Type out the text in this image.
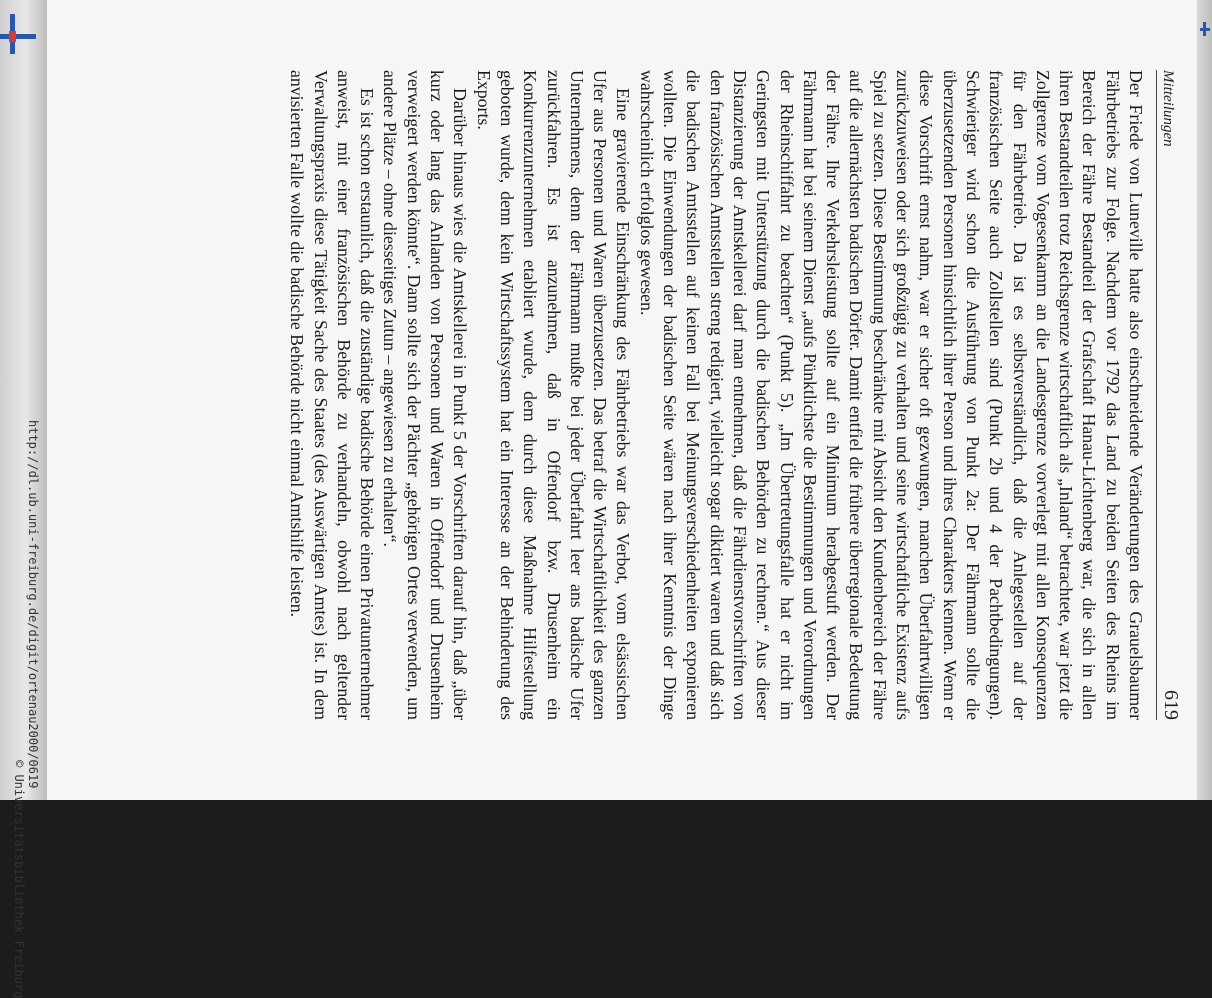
http://dl.ub.uni-freiburg.de/digit/ortenau2000/0619
© Universitätsbibliothek Freiburg
Mitteilungen
619

Der Friede von Luneville hatte also einschneidende Veränderungen des Grauelsbaumer Fährbetriebs zur Folge. Nachdem vor 1792 das Land zu beiden Seiten des Rheins im Bereich der Fähre Bestandteil der Grafschaft Hanau-Lichtenberg war, die sich in allen ihren Bestandteilen trotz Reichsgrenze wirtschaftlich als „Inland“ betrachtete, war jetzt die Zollgrenze vom Vogesenkamm an die Landesgrenze vorverlegt mit allen Konsequenzen für den Fährbetrieb. Da ist es selbstverständlich, daß die Anlegestellen auf der französischen Seite auch Zollstellen sind (Punkt 2b und 4 der Pachtbedingungen). Schwieriger wird schon die Ausführung von Punkt 2a: Der Fährmann sollte die überzusetzenden Personen hinsichtlich ihrer Person und ihres Charakters kennen. Wenn er diese Vorschrift ernst nahm, war er sicher oft gezwungen, manchen Überfahrtwilligen zurückzuweisen oder sich großzügig zu verhalten und seine wirtschaftliche Existenz aufs Spiel zu setzen. Diese Bestimmung beschränkte mit Absicht den Kundenbereich der Fähre auf die allernächsten badischen Dörfer. Damit entfiel die frühere überregionale Bedeutung der Fähre. Ihre Verkehrsleistung sollte auf ein Minimum herabgestuft werden. Der Fährmann hat bei seinem Dienst „aufs Pünktlichste die Bestimmungen und Verordnungen der Rheinschiffahrt zu beachten“ (Punkt 5). „Im Übertretungsfalle hat er nicht im Geringsten mit Unterstützung durch die badischen Behörden zu rechnen.“ Aus dieser Distanzierung der Amtskellerei darf man entnehmen, daß die Fährdienstvorschriften von den französischen Amtsstellen streng redigiert, vielleicht sogar diktiert waren und daß sich die badischen Amtsstellen auf keinen Fall bei Meinungsverschiedenheiten exponieren wollten. Die Einwendungen der badischen Seite wären nach ihrer Kenntnis der Dinge wahrscheinlich erfolglos gewesen.

Eine gravierende Einschränkung des Fährbetriebs war das Verbot, vom elsässischen Ufer aus Personen und Waren überzusetzen. Das betraf die Wirtschaftlichkeit des ganzen Unternehmens, denn der Fährmann mußte bei jeder Überfahrt leer ans badische Ufer zurückfahren. Es ist anzunehmen, daß in Offendorf bzw. Drusenheim ein Konkurrenzunternehmen etabliert wurde, dem durch diese Maßnahme Hilfestellung geboten wurde, denn kein Wirtschaftssystem hat ein Interesse an der Behinderung des Exports.

Darüber hinaus wies die Amtskellerei in Punkt 5 der Vorschriften darauf hin, daß „über kurz oder lang das Anlanden von Personen und Waren in Offendorf und Drusenheim verweigert werden könnte“. Dann sollte sich der Pächter „gehörigen Ortes verwenden, um andere Plätze – ohne diesseitiges Zutun – angewiesen zu erhalten“.

Es ist schon erstaunlich, daß die zuständige badische Behörde einen Privatunternehmer anweist, mit einer französischen Behörde zu verhandeln, obwohl nach geltender Verwaltungspraxis diese Tätigkeit Sache des Staates (des Auswärtigen Amtes) ist. In dem anvisierten Falle wollte die badische Behörde nicht einmal Amtshilfe leisten.
